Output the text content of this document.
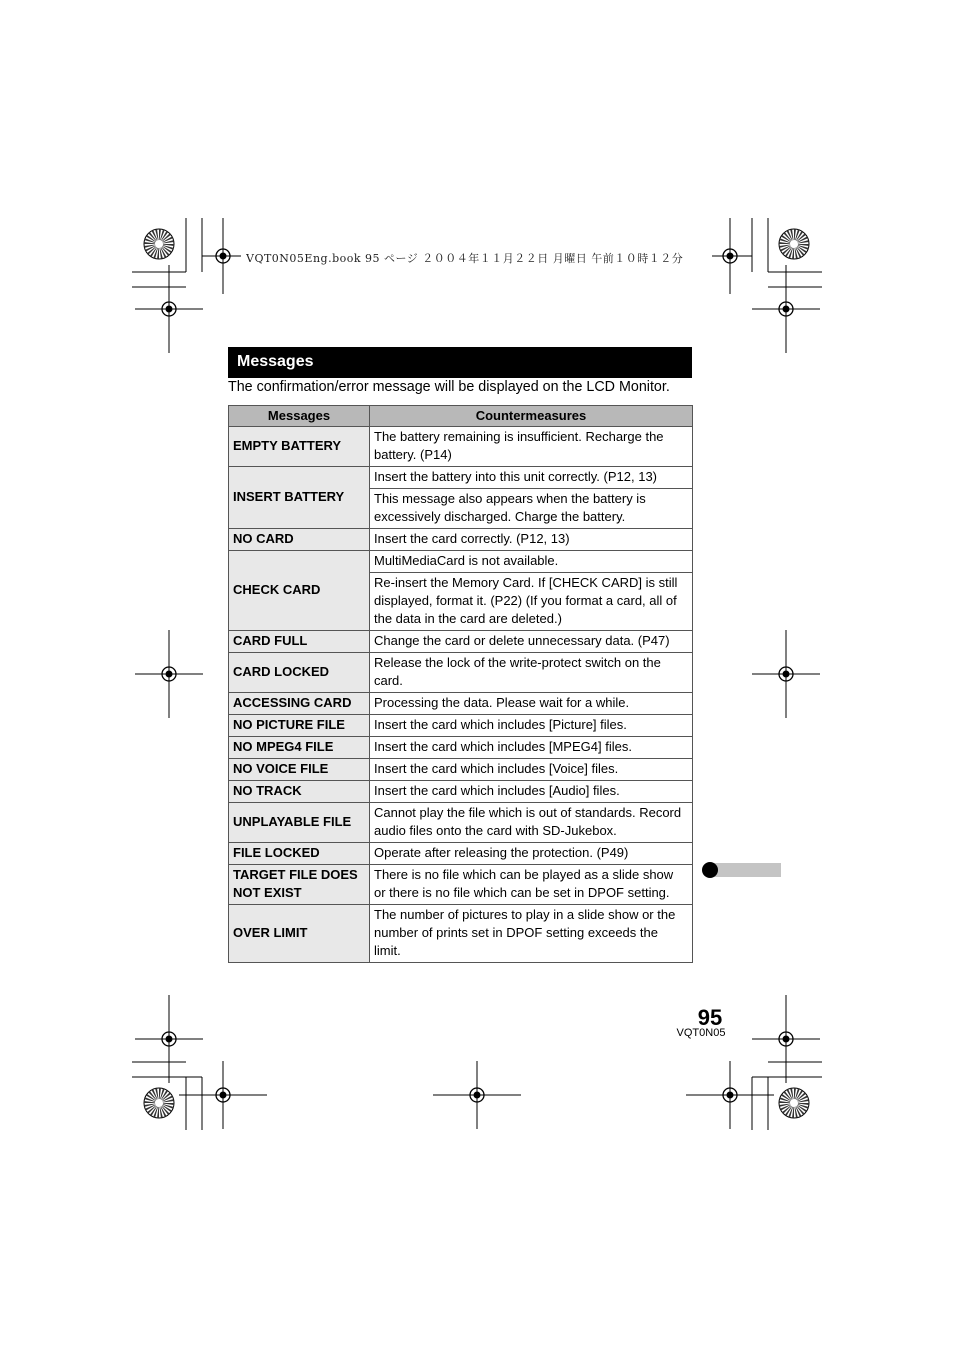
VQT0N05Eng.book 95 ページ ２００４年１１月２２日 月曜日 午前１０時１２分
Messages
The confirmation/error message will be displayed on the LCD Monitor.
Messages	Countermeasures
EMPTY BATTERY	The battery remaining is insufficient. Recharge the battery. (P14)
INSERT BATTERY	Insert the battery into this unit correctly. (P12, 13)
	This message also appears when the battery is excessively discharged. Charge the battery.
NO CARD	Insert the card correctly. (P12, 13)
CHECK CARD	MultiMediaCard is not available.
	Re-insert the Memory Card. If [CHECK CARD] is still displayed, format it. (P22) (If you format a card, all of the data in the card are deleted.)
CARD FULL	Change the card or delete unnecessary data. (P47)
CARD LOCKED	Release the lock of the write-protect switch on the card.
ACCESSING CARD	Processing the data. Please wait for a while.
NO PICTURE FILE	Insert the card which includes [Picture] files.
NO MPEG4 FILE	Insert the card which includes [MPEG4] files.
NO VOICE FILE	Insert the card which includes [Voice] files.
NO TRACK	Insert the card which includes [Audio] files.
UNPLAYABLE FILE	Cannot play the file which is out of standards. Record audio files onto the card with SD-Jukebox.
FILE LOCKED	Operate after releasing the protection. (P49)
TARGET FILE DOES NOT EXIST	There is no file which can be played as a slide show or there is no file which can be set in DPOF setting.
OVER LIMIT	The number of pictures to play in a slide show or the number of prints set in DPOF setting exceeds the limit.
95
VQT0N05
